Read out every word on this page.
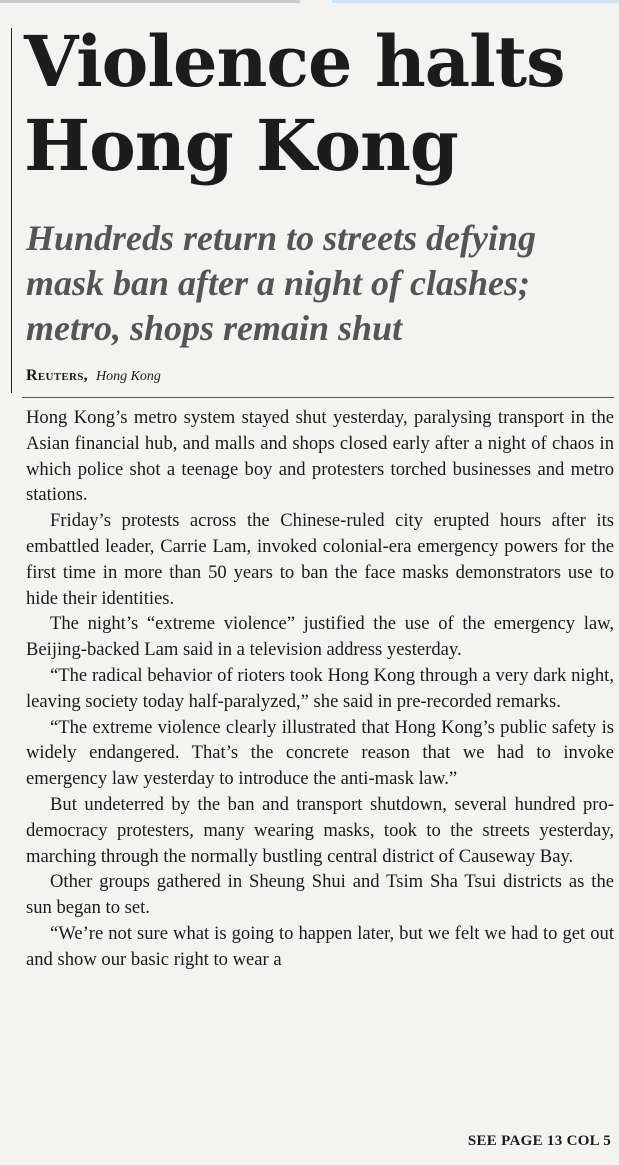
Violence halts Hong Kong
Hundreds return to streets defying mask ban after a night of clashes; metro, shops remain shut
Reuters, Hong Kong

Hong Kong’s metro system stayed shut yesterday, paralysing transport in the Asian financial hub, and malls and shops closed early after a night of chaos in which police shot a teenage boy and protesters torched businesses and metro stations.

Friday’s protests across the Chinese-ruled city erupted hours after its embattled leader, Carrie Lam, invoked colonial-era emergency powers for the first time in more than 50 years to ban the face masks demonstrators use to hide their identities.

The night’s “extreme violence” justified the use of the emergency law, Beijing-backed Lam said in a television address yesterday.

“The radical behavior of rioters took Hong Kong through a very dark night, leaving society today half-paralyzed,” she said in pre-recorded remarks.

“The extreme violence clearly illustrated that Hong Kong’s public safety is widely endangered. That’s the concrete reason that we had to invoke emergency law yesterday to introduce the anti-mask law.”

But undeterred by the ban and transport shutdown, several hundred pro-democracy protesters, many wearing masks, took to the streets yesterday, marching through the normally bustling central district of Causeway Bay.

Other groups gathered in Sheung Shui and Tsim Sha Tsui districts as the sun began to set.

“We’re not sure what is going to happen later, but we felt we had to get out and show our basic right to wear a

SEE PAGE 13 COL 5
